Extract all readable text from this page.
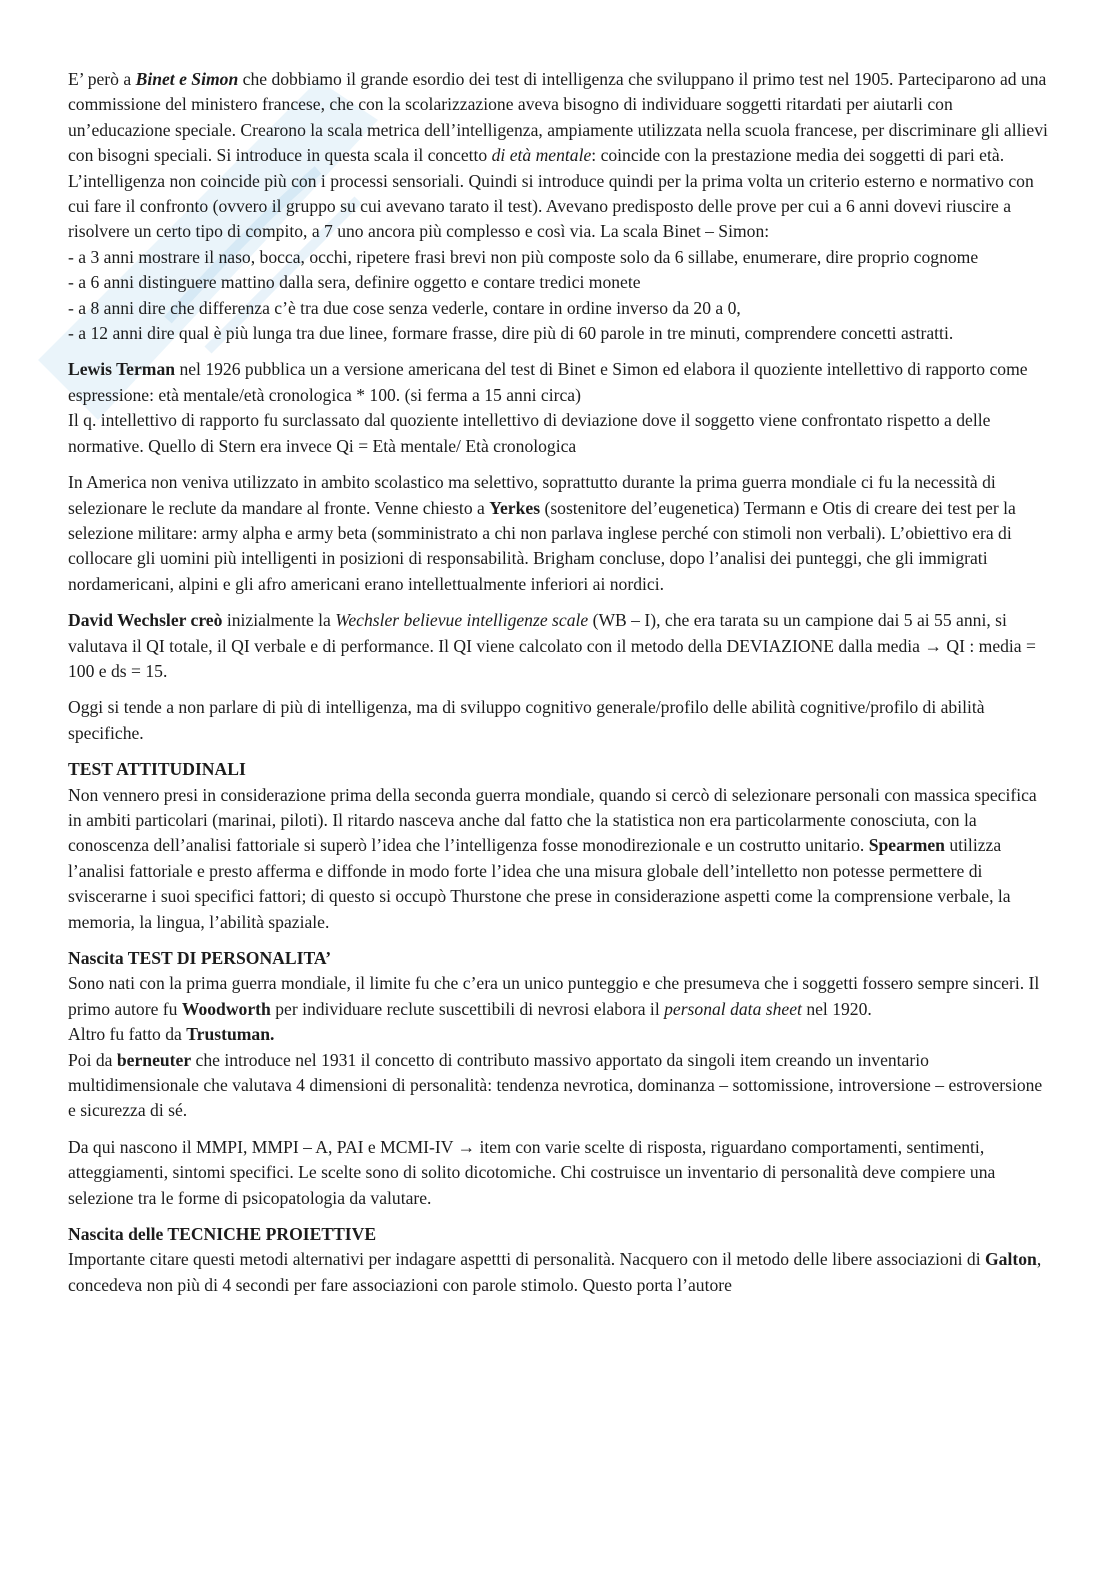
E’ però a Binet e Simon che dobbiamo il grande esordio dei test di intelligenza che sviluppano il primo test nel 1905. Parteciparono ad una commissione del ministero francese, che con la scolarizzazione aveva bisogno di individuare soggetti ritardati per aiutarli con un’educazione speciale. Crearono la scala metrica dell’intelligenza, ampiamente utilizzata nella scuola francese, per discriminare gli allievi con bisogni speciali. Si introduce in questa scala il concetto di età mentale: coincide con la prestazione media dei soggetti di pari età. L’intelligenza non coincide più con i processi sensoriali. Quindi si introduce quindi per la prima volta un criterio esterno e normativo con cui fare il confronto (ovvero il gruppo su cui avevano tarato il test). Avevano predisposto delle prove per cui a 6 anni dovevi riuscire a risolvere un certo tipo di compito, a 7 uno ancora più complesso e così via. La scala Binet – Simon:
- a 3 anni mostrare il naso, bocca, occhi, ripetere frasi brevi non più composte solo da 6 sillabe, enumerare, dire proprio cognome
- a 6 anni distinguere mattino dalla sera, definire oggetto e contare tredici monete
- a 8 anni dire che differenza c’è tra due cose senza vederle, contare in ordine inverso da 20 a 0,
- a 12 anni dire qual è più lunga tra due linee, formare frasse, dire più di 60 parole in tre minuti, comprendere concetti astratti.

Lewis Terman nel 1926 pubblica un a versione americana del test di Binet e Simon ed elabora il quoziente intellettivo di rapporto come espressione: età mentale/età cronologica * 100. (si ferma a 15 anni circa)
Il q. intellettivo di rapporto fu surclassato dal quoziente intellettivo di deviazione dove il soggetto viene confrontato rispetto a delle normative. Quello di Stern era invece Qi = Età mentale/ Età cronologica

In America non veniva utilizzato in ambito scolastico ma selettivo, soprattutto durante la prima guerra mondiale ci fu la necessità di selezionare le reclute da mandare al fronte. Venne chiesto a Yerkes (sostenitore del’eugenetica) Termann e Otis di creare dei test per la selezione militare: army alpha e army beta (somministrato a chi non parlava inglese perché con stimoli non verbali). L’obiettivo era di collocare gli uomini più intelligenti in posizioni di responsabilità. Brigham concluse, dopo l’analisi dei punteggi, che gli immigrati nordamericani, alpini e gli afro americani erano intellettualmente inferiori ai nordici.

David Wechsler creò inizialmente la Wechsler believue intelligenze scale (WB – I), che era tarata su un campione dai 5 ai 55 anni, si valutava il QI totale, il QI verbale e di performance. Il QI viene calcolato con il metodo della DEVIAZIONE dalla media → QI : media = 100 e ds = 15.

Oggi si tende a non parlare di più di intelligenza, ma di sviluppo cognitivo generale/profilo delle abilità cognitive/profilo di abilità specifiche.

TEST ATTITUDINALI

Non vennero presi in considerazione prima della seconda guerra mondiale, quando si cercò di selezionare personali con massica specifica in ambiti particolari (marinai, piloti). Il ritardo nasceva anche dal fatto che la statistica non era particolarmente conosciuta, con la conoscenza dell’analisi fattoriale si superò l’idea che l’intelligenza fosse monodirezionale e un costrutto unitario. Spearmen utilizza l’analisi fattoriale e presto afferma e diffonde in modo forte l’idea che una misura globale dell’intelletto non potesse permettere di sviscerarne i suoi specifici fattori; di questo si occupò Thurstone che prese in considerazione aspetti come la comprensione verbale, la memoria, la lingua, l’abilità spaziale.

Nascita TEST DI PERSONALITA’

Sono nati con la prima guerra mondiale, il limite fu che c’era un unico punteggio e che presumeva che i soggetti fossero sempre sinceri. Il primo autore fu Woodworth per individuare reclute suscettibili di nevrosi elabora il personal data sheet nel 1920.
Altro fu fatto da Trustuman.
Poi da berneuter che introduce nel 1931 il concetto di contributo massivo apportato da singoli item creando un inventario multidimensionale che valutava 4 dimensioni di personalità: tendenza nevrotica, dominanza – sottomissione, introversione – estroversione e sicurezza di sé.

Da qui nascono il MMPI, MMPI – A, PAI e MCMI-IV → item con varie scelte di risposta, riguardano comportamenti, sentimenti, atteggiamenti, sintomi specifici. Le scelte sono di solito dicotomiche. Chi costruisce un inventario di personalità deve compiere una selezione tra le forme di psicopatologia da valutare.

Nascita delle TECNICHE PROIETTIVE

Importante citare questi metodi alternativi per indagare aspettti di personalità. Nacquero con il metodo delle libere associazioni di Galton, concedeva non più di 4 secondi per fare associazioni con parole stimolo. Questo porta l’autore
